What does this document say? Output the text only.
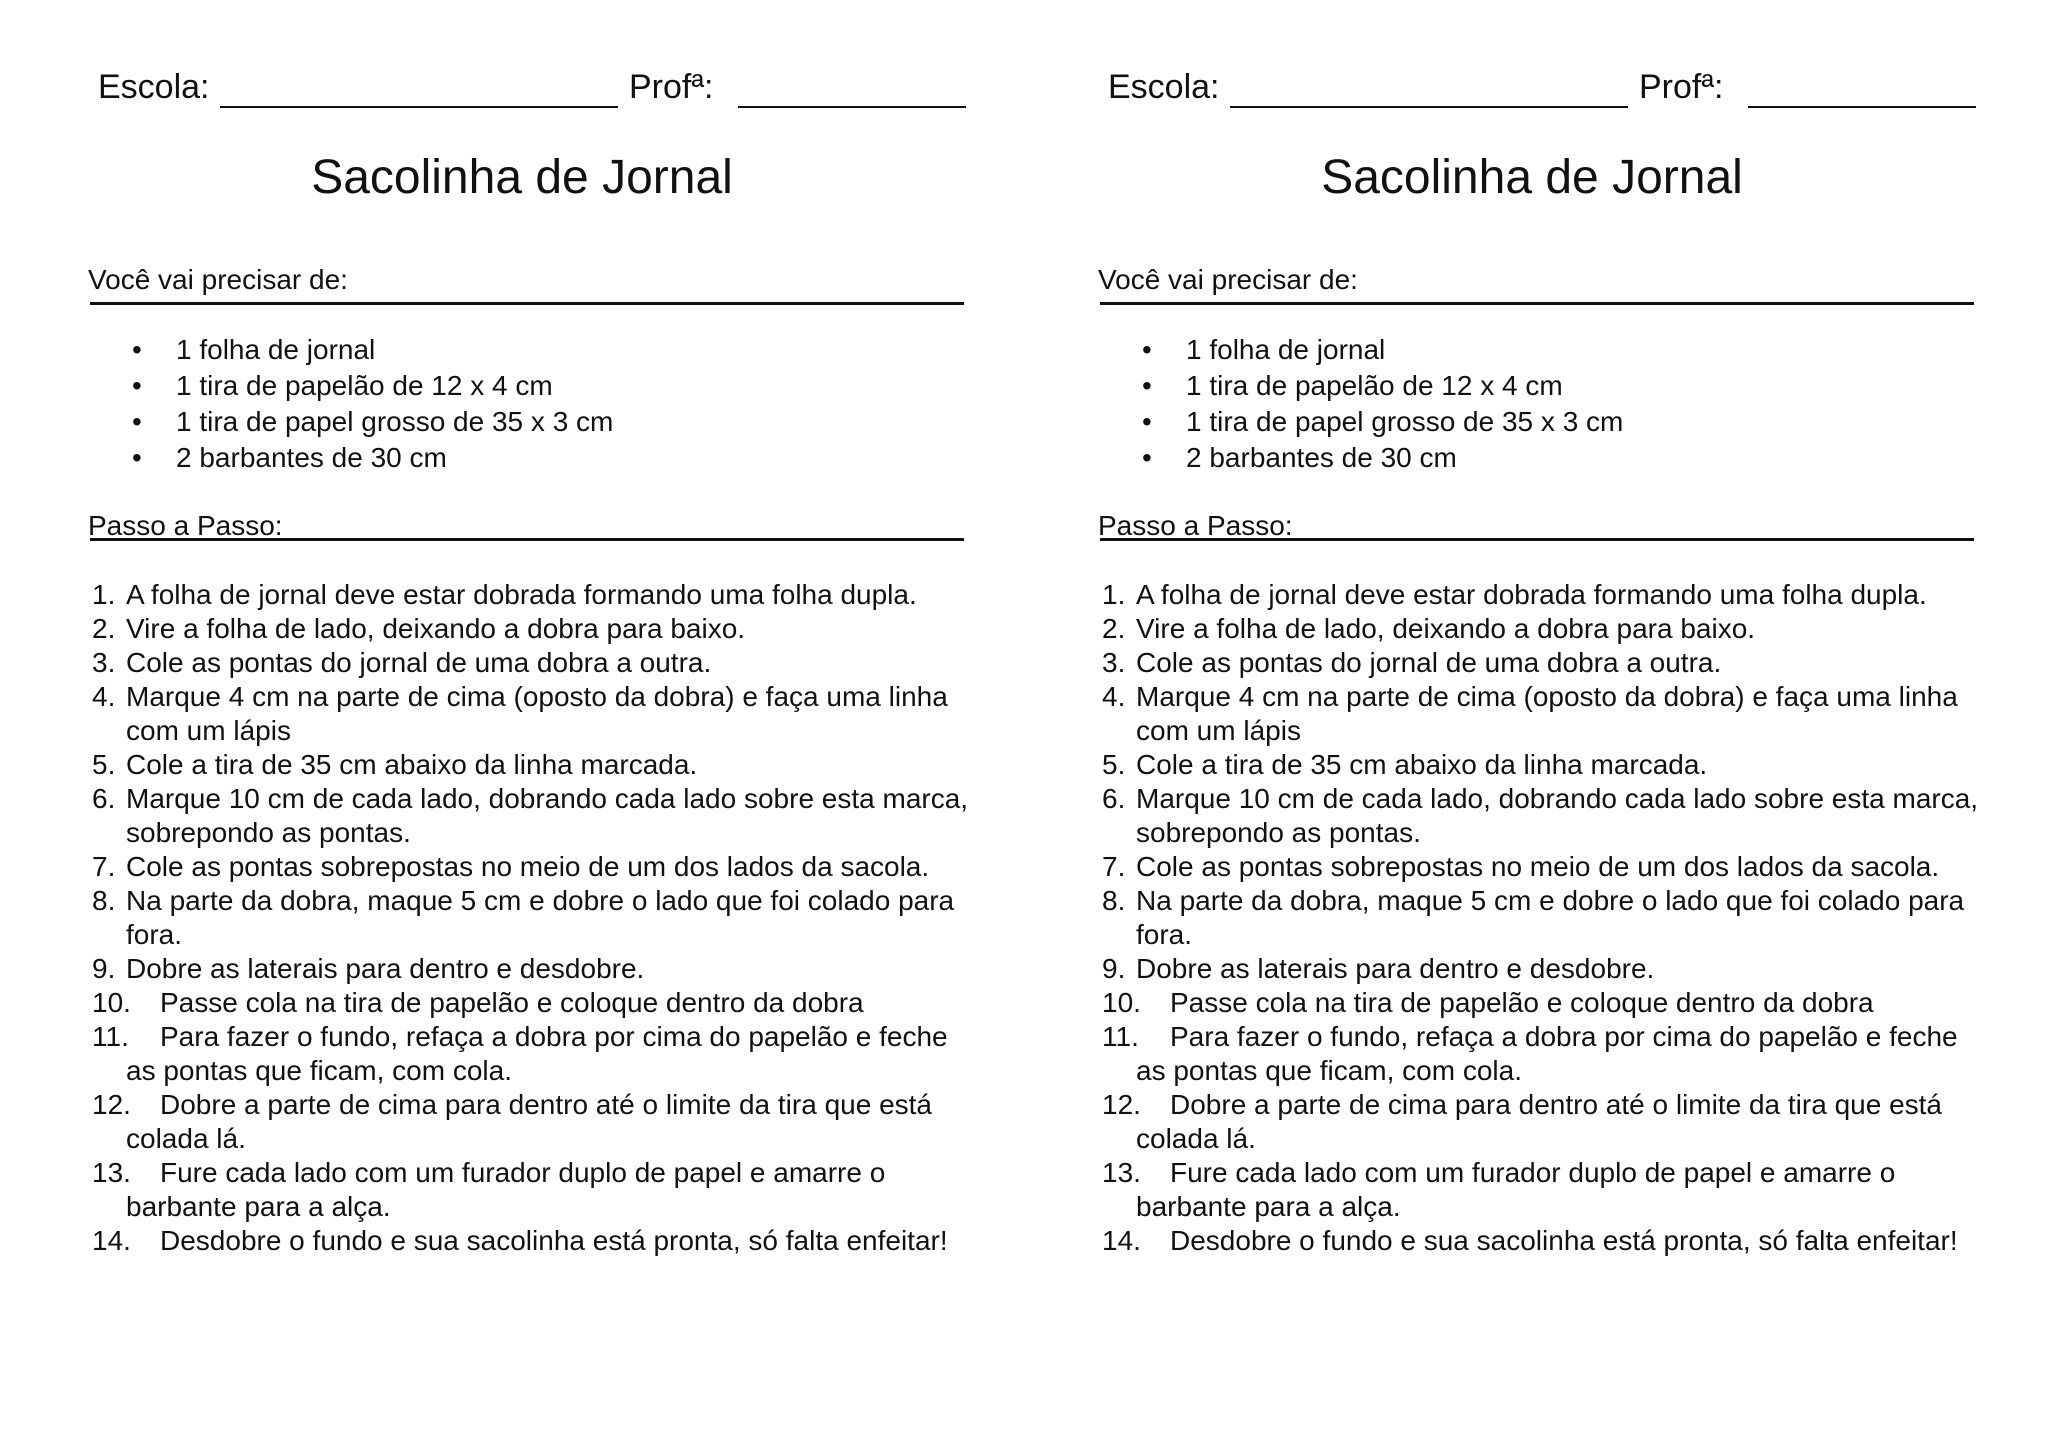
Escola:	Profª:
Sacolinha de Jornal
Você vai precisar de:
• 1 folha de jornal
• 1 tira de papelão de 12 x 4 cm
• 1 tira de papel grosso de 35 x 3 cm
• 2 barbantes de 30 cm
Passo a Passo:
1. A folha de jornal deve estar dobrada formando uma folha dupla.
2. Vire a folha de lado, deixando a dobra para baixo.
3. Cole as pontas do jornal de uma dobra a outra.
4. Marque 4 cm na parte de cima (oposto da dobra) e faça uma linha com um lápis
5. Cole a tira de 35 cm abaixo da linha marcada.
6. Marque 10 cm de cada lado, dobrando cada lado sobre esta marca, sobrepondo as pontas.
7. Cole as pontas sobrepostas no meio de um dos lados da sacola.
8. Na parte da dobra, maque 5 cm e dobre o lado que foi colado para fora.
9. Dobre as laterais para dentro e desdobre.
10.	Passe cola na tira de papelão e coloque dentro da dobra
11.	Para fazer o fundo, refaça a dobra por cima do papelão e feche as pontas que ficam, com cola.
12.	Dobre a parte de cima para dentro até o limite da tira que está colada lá.
13.	Fure cada lado com um furador duplo de papel e amarre o barbante para a alça.
14.	Desdobre o fundo e sua sacolinha está pronta, só falta enfeitar!
Escola:	Profª:
Sacolinha de Jornal
Você vai precisar de:
• 1 folha de jornal
• 1 tira de papelão de 12 x 4 cm
• 1 tira de papel grosso de 35 x 3 cm
• 2 barbantes de 30 cm
Passo a Passo:
1. A folha de jornal deve estar dobrada formando uma folha dupla.
2. Vire a folha de lado, deixando a dobra para baixo.
3. Cole as pontas do jornal de uma dobra a outra.
4. Marque 4 cm na parte de cima (oposto da dobra) e faça uma linha com um lápis
5. Cole a tira de 35 cm abaixo da linha marcada.
6. Marque 10 cm de cada lado, dobrando cada lado sobre esta marca, sobrepondo as pontas.
7. Cole as pontas sobrepostas no meio de um dos lados da sacola.
8. Na parte da dobra, maque 5 cm e dobre o lado que foi colado para fora.
9. Dobre as laterais para dentro e desdobre.
10.	Passe cola na tira de papelão e coloque dentro da dobra
11.	Para fazer o fundo, refaça a dobra por cima do papelão e feche as pontas que ficam, com cola.
12.	Dobre a parte de cima para dentro até o limite da tira que está colada lá.
13.	Fure cada lado com um furador duplo de papel e amarre o barbante para a alça.
14.	Desdobre o fundo e sua sacolinha está pronta, só falta enfeitar!
